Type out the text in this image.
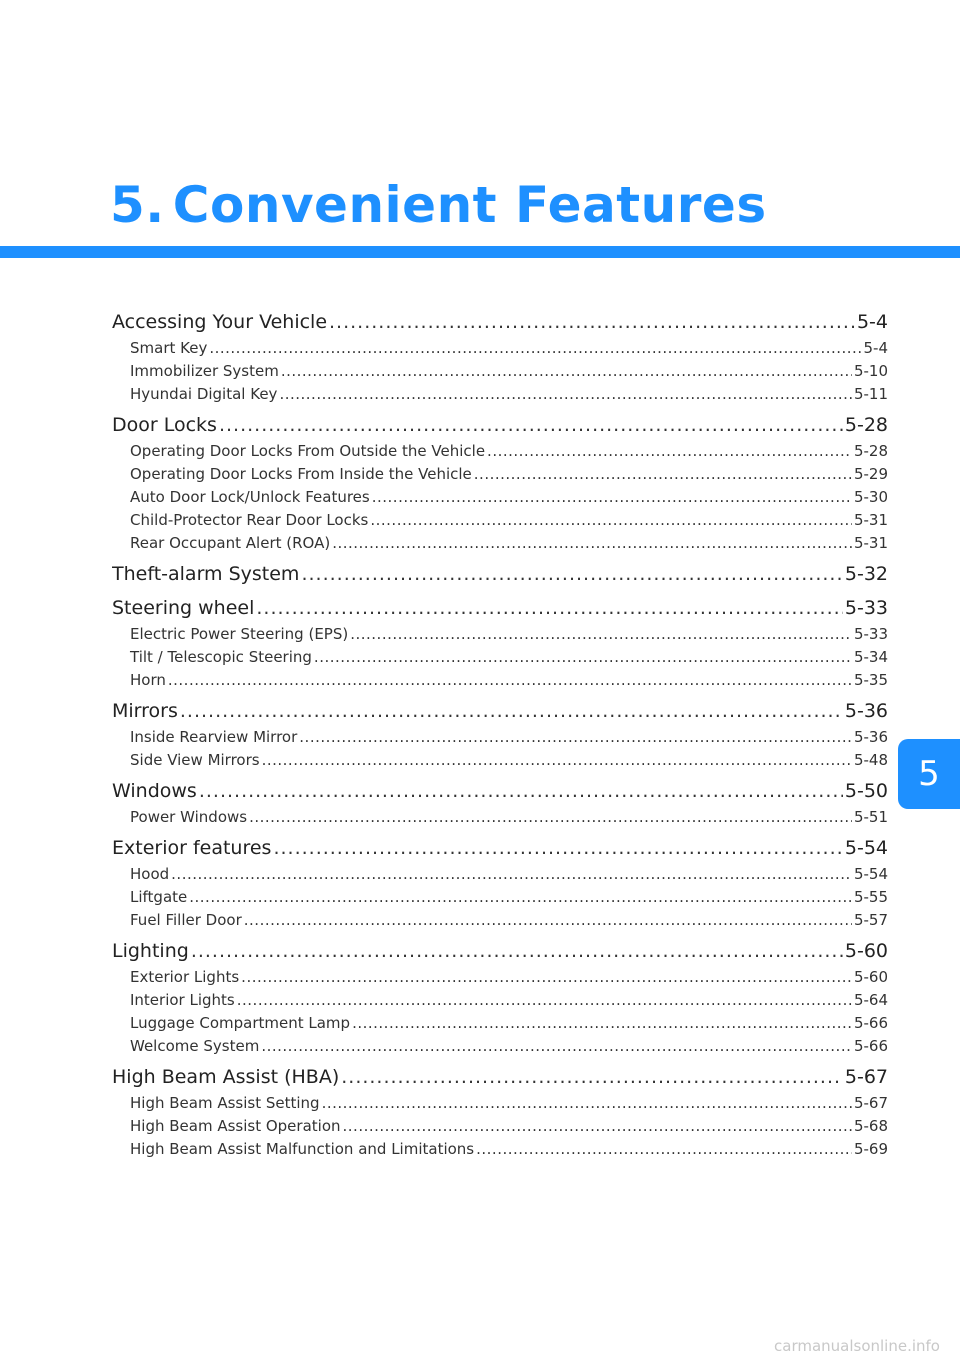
5. Convenient Features
Accessing Your Vehicle .....	5-4
Smart Key .....	5-4
Immobilizer System .....	5-10
Hyundai Digital Key .....	5-11
Door Locks .....	5-28
Operating Door Locks From Outside the Vehicle .....	5-28
Operating Door Locks From Inside the Vehicle .....	5-29
Auto Door Lock/Unlock Features .....	5-30
Child-Protector Rear Door Locks .....	5-31
Rear Occupant Alert (ROA) .....	5-31
Theft-alarm System .....	5-32
Steering wheel .....	5-33
Electric Power Steering (EPS) .....	5-33
Tilt / Telescopic Steering .....	5-34
Horn .....	5-35
Mirrors .....	5-36
Inside Rearview Mirror .....	5-36
Side View Mirrors .....	5-48
Windows .....	5-50
Power Windows .....	5-51
Exterior features .....	5-54
Hood .....	5-54
Liftgate .....	5-55
Fuel Filler Door .....	5-57
Lighting .....	5-60
Exterior Lights .....	5-60
Interior Lights .....	5-64
Luggage Compartment Lamp .....	5-66
Welcome System .....	5-66
High Beam Assist (HBA) .....	5-67
High Beam Assist Setting .....	5-67
High Beam Assist Operation .....	5-68
High Beam Assist Malfunction and Limitations .....	5-69
5
carmanualsonline.info
